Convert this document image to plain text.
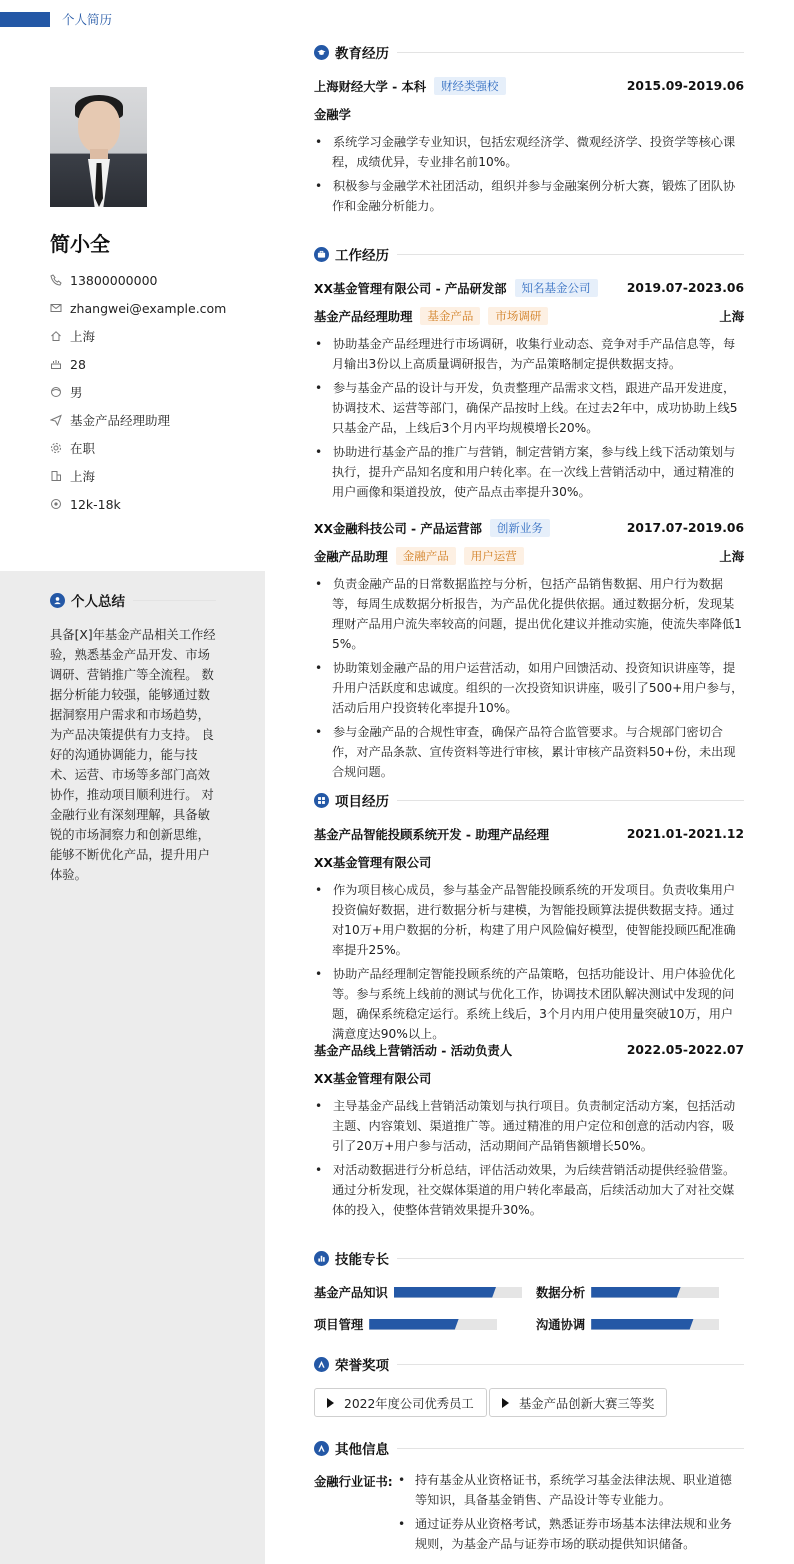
个人简历
简小全
13800000000
zhangwei@example.com
上海
28
男
基金产品经理助理
在职
上海
12k-18k
个人总结
具备[X]年基金产品相关工作经验，熟悉基金产品开发、市场调研、营销推广等全流程。 数据分析能力较强，能够通过数据洞察用户需求和市场趋势，为产品决策提供有力支持。 良好的沟通协调能力，能与技术、运营、市场等多部门高效协作，推动项目顺利进行。 对金融行业有深刻理解，具备敏锐的市场洞察力和创新思维，能够不断优化产品，提升用户体验。
教育经历
上海财经大学 - 本科	财经类强校	2015.09-2019.06
金融学
• 系统学习金融学专业知识，包括宏观经济学、微观经济学、投资学等核心课程，成绩优异，专业排名前10%。
• 积极参与金融学术社团活动，组织并参与金融案例分析大赛，锻炼了团队协作和金融分析能力。
工作经历
XX基金管理有限公司 - 产品研发部	知名基金公司	2019.07-2023.06
基金产品经理助理	基金产品	市场调研	上海
• 协助基金产品经理进行市场调研，收集行业动态、竞争对手产品信息等，每月输出3份以上高质量调研报告，为产品策略制定提供数据支持。
• 参与基金产品的设计与开发，负责整理产品需求文档，跟进产品开发进度，协调技术、运营等部门，确保产品按时上线。在过去2年中，成功协助上线5只基金产品，上线后3个月内平均规模增长20%。
• 协助进行基金产品的推广与营销，制定营销方案，参与线上线下活动策划与执行，提升产品知名度和用户转化率。在一次线上营销活动中，通过精准的用户画像和渠道投放，使产品点击率提升30%。
XX金融科技公司 - 产品运营部	创新业务	2017.07-2019.06
金融产品助理	金融产品	用户运营	上海
• 负责金融产品的日常数据监控与分析，包括产品销售数据、用户行为数据等，每周生成数据分析报告，为产品优化提供依据。通过数据分析，发现某理财产品用户流失率较高的问题，提出优化建议并推动实施，使流失率降低15%。
• 协助策划金融产品的用户运营活动，如用户回馈活动、投资知识讲座等，提升用户活跃度和忠诚度。组织的一次投资知识讲座，吸引了500+用户参与，活动后用户投资转化率提升10%。
• 参与金融产品的合规性审查，确保产品符合监管要求。与合规部门密切合作，对产品条款、宣传资料等进行审核，累计审核产品资料50+份，未出现合规问题。
项目经历
基金产品智能投顾系统开发 - 助理产品经理	2021.01-2021.12
XX基金管理有限公司
• 作为项目核心成员，参与基金产品智能投顾系统的开发项目。负责收集用户投资偏好数据，进行数据分析与建模，为智能投顾算法提供数据支持。通过对10万+用户数据的分析，构建了用户风险偏好模型，使智能投顾匹配准确率提升25%。
• 协助产品经理制定智能投顾系统的产品策略，包括功能设计、用户体验优化等。参与系统上线前的测试与优化工作，协调技术团队解决测试中发现的问题，确保系统稳定运行。系统上线后，3个月内用户使用量突破10万，用户满意度达90%以上。
基金产品线上营销活动 - 活动负责人	2022.05-2022.07
XX基金管理有限公司
• 主导基金产品线上营销活动策划与执行项目。负责制定活动方案，包括活动主题、内容策划、渠道推广等。通过精准的用户定位和创意的活动内容，吸引了20万+用户参与活动，活动期间产品销售额增长50%。
• 对活动数据进行分析总结，评估活动效果，为后续营销活动提供经验借鉴。通过分析发现，社交媒体渠道的用户转化率最高，后续活动加大了对社交媒体的投入，使整体营销效果提升30%。
技能专长
基金产品知识	数据分析
项目管理	沟通协调
荣誉奖项
2022年度公司优秀员工	基金产品创新大赛三等奖
其他信息
金融行业证书:
•	持有基金从业资格证书，系统学习基金法律法规、职业道德等知识，具备基金销售、产品设计等专业能力。
• 通过证券从业资格考试，熟悉证券市场基本法律法规和业务规则，为基金产品与证券市场的联动提供知识储备。
